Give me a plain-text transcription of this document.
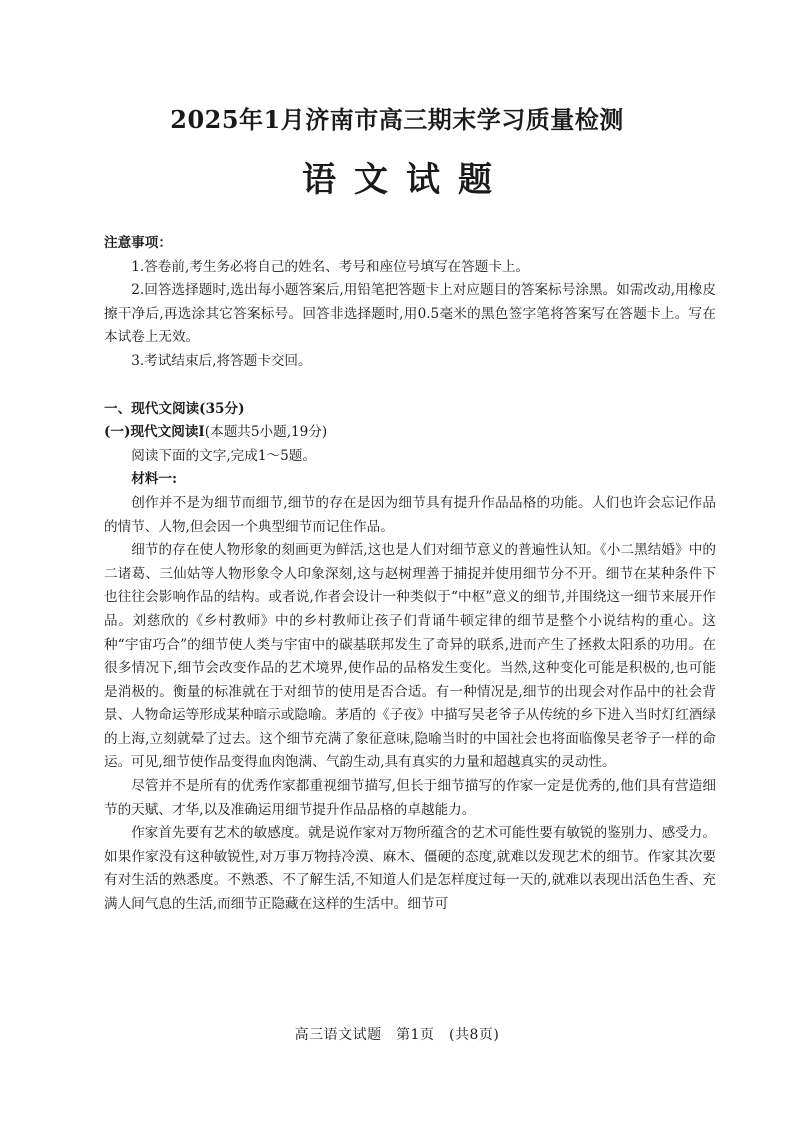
2025年1月济南市高三期末学习质量检测
语文试题

注意事项：

1.答卷前,考生务必将自己的姓名、考号和座位号填写在答题卡上。

2.回答选择题时,选出每小题答案后,用铅笔把答题卡上对应题目的答案标号涂黑。如需改动,用橡皮擦干净后,再选涂其它答案标号。回答非选择题时,用0.5毫米的黑色签字笔将答案写在答题卡上。写在本试卷上无效。

3.考试结束后,将答题卡交回。

一、现代文阅读(35分)

(一)现代文阅读Ⅰ(本题共5小题,19分)

阅读下面的文字,完成1～5题。

材料一:

创作并不是为细节而细节,细节的存在是因为细节具有提升作品品格的功能。人们也许会忘记作品的情节、人物,但会因一个典型细节而记住作品。

细节的存在使人物形象的刻画更为鲜活,这也是人们对细节意义的普遍性认知。《小二黑结婚》中的二诸葛、三仙姑等人物形象令人印象深刻,这与赵树理善于捕捉并使用细节分不开。细节在某种条件下也往往会影响作品的结构。或者说,作者会设计一种类似于“中枢”意义的细节,并围绕这一细节来展开作品。刘慈欣的《乡村教师》中的乡村教师让孩子们背诵牛顿定律的细节是整个小说结构的重心。这种“宇宙巧合”的细节使人类与宇宙中的碳基联邦发生了奇异的联系,进而产生了拯救太阳系的功用。在很多情况下,细节会改变作品的艺术境界,使作品的品格发生变化。当然,这种变化可能是积极的,也可能是消极的。衡量的标准就在于对细节的使用是否合适。有一种情况是,细节的出现会对作品中的社会背景、人物命运等形成某种暗示或隐喻。茅盾的《子夜》中描写吴老爷子从传统的乡下进入当时灯红酒绿的上海,立刻就晕了过去。这个细节充满了象征意味,隐喻当时的中国社会也将面临像吴老爷子一样的命运。可见,细节使作品变得血肉饱满、气韵生动,具有真实的力量和超越真实的灵动性。

尽管并不是所有的优秀作家都重视细节描写,但长于细节描写的作家一定是优秀的,他们具有营造细节的天赋、才华,以及准确运用细节提升作品品格的卓越能力。

作家首先要有艺术的敏感度。就是说作家对万物所蕴含的艺术可能性要有敏锐的鉴别力、感受力。如果作家没有这种敏锐性,对万事万物持冷漠、麻木、僵硬的态度,就难以发现艺术的细节。作家其次要有对生活的熟悉度。不熟悉、不了解生活,不知道人们是怎样度过每一天的,就难以表现出活色生香、充满人间气息的生活,而细节正隐藏在这样的生活中。细节可

高三语文试题　第1页　(共8页)
